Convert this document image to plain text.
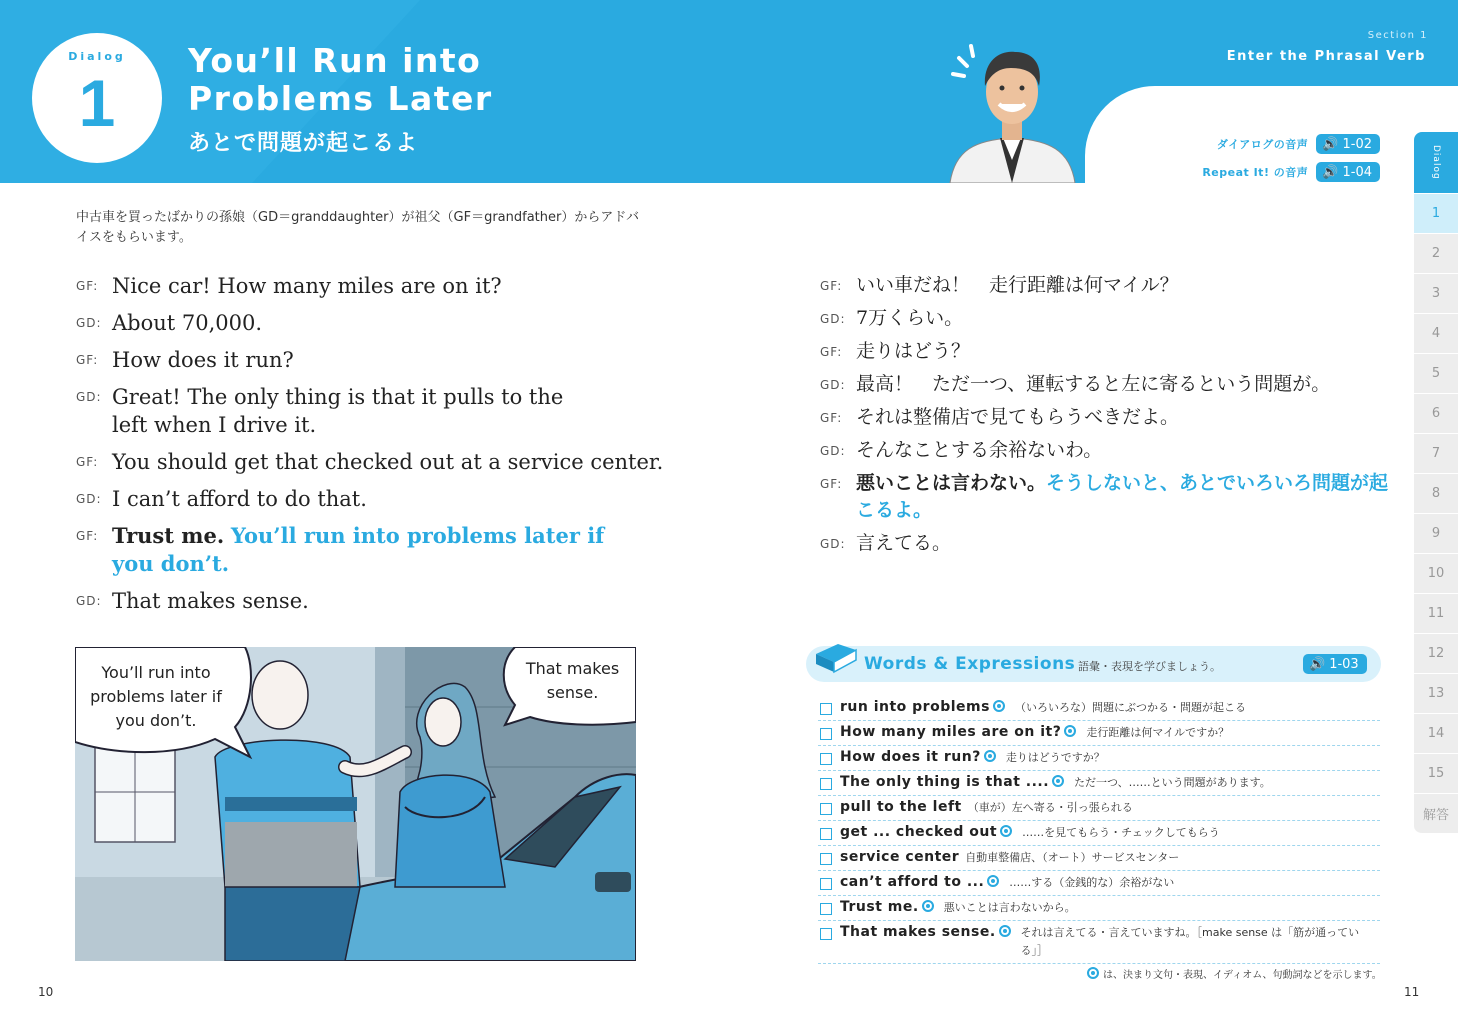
Dialog
1
You’ll Run into
Problems Later
あとで問題が起こるよ
Section 1
Enter the Phrasal Verb
ダイアログの音声 🔊 1-02
Repeat It! の音声 🔊 1-04	Dialog
1
2
3
4
5
6
7
8
9
10
11
12
13
14
15
解答
中古車を買ったばかりの孫娘（GD＝granddaughter）が祖父（GF＝grandfather）からアドバイスをもらいます。
GF: Nice car! How many miles are on it?
GD: About 70,000.
GF: How does it run?
GD: Great! The only thing is that it pulls to the left when I drive it.
GF: You should get that checked out at a service center.
GD: I can’t afford to do that.
GF: Trust me. You’ll run into problems later if you don’t.
GD: That makes sense.
GF: いい車だね！　走行距離は何マイル？
GD: 7万くらい。
GF: 走りはどう？
GD: 最高！　ただ一つ、運転すると左に寄るという問題が。
GF: それは整備店で見てもらうべきだよ。
GD: そんなことする余裕ないわ。
GF: 悪いことは言わない。そうしないと、あとでいろいろ問題が起こるよ。
GD: 言えてる。
You’ll run into problems later if you don’t.
That makes sense.
Words & Expressions 語彙・表現を学びましょう。	🔊 1-03
run into problems （いろいろな）問題にぶつかる・問題が起こる
How many miles are on it? 走行距離は何マイルですか？
How does it run? 走りはどうですか？
The only thing is that .... ただ一つ、……という問題があります。
pull to the left （車が）左へ寄る・引っ張られる
get ... checked out ……を見てもらう・チェックしてもらう
service center 自動車整備店、（オート）サービスセンター
can’t afford to ... ……する（金銭的な）余裕がない
Trust me. 悪いことは言わないから。
That makes sense. それは言えてる・言えていますね。［make sense は「筋が通っている」］
は、決まり文句・表現、イディオム、句動詞などを示します。
10	11
